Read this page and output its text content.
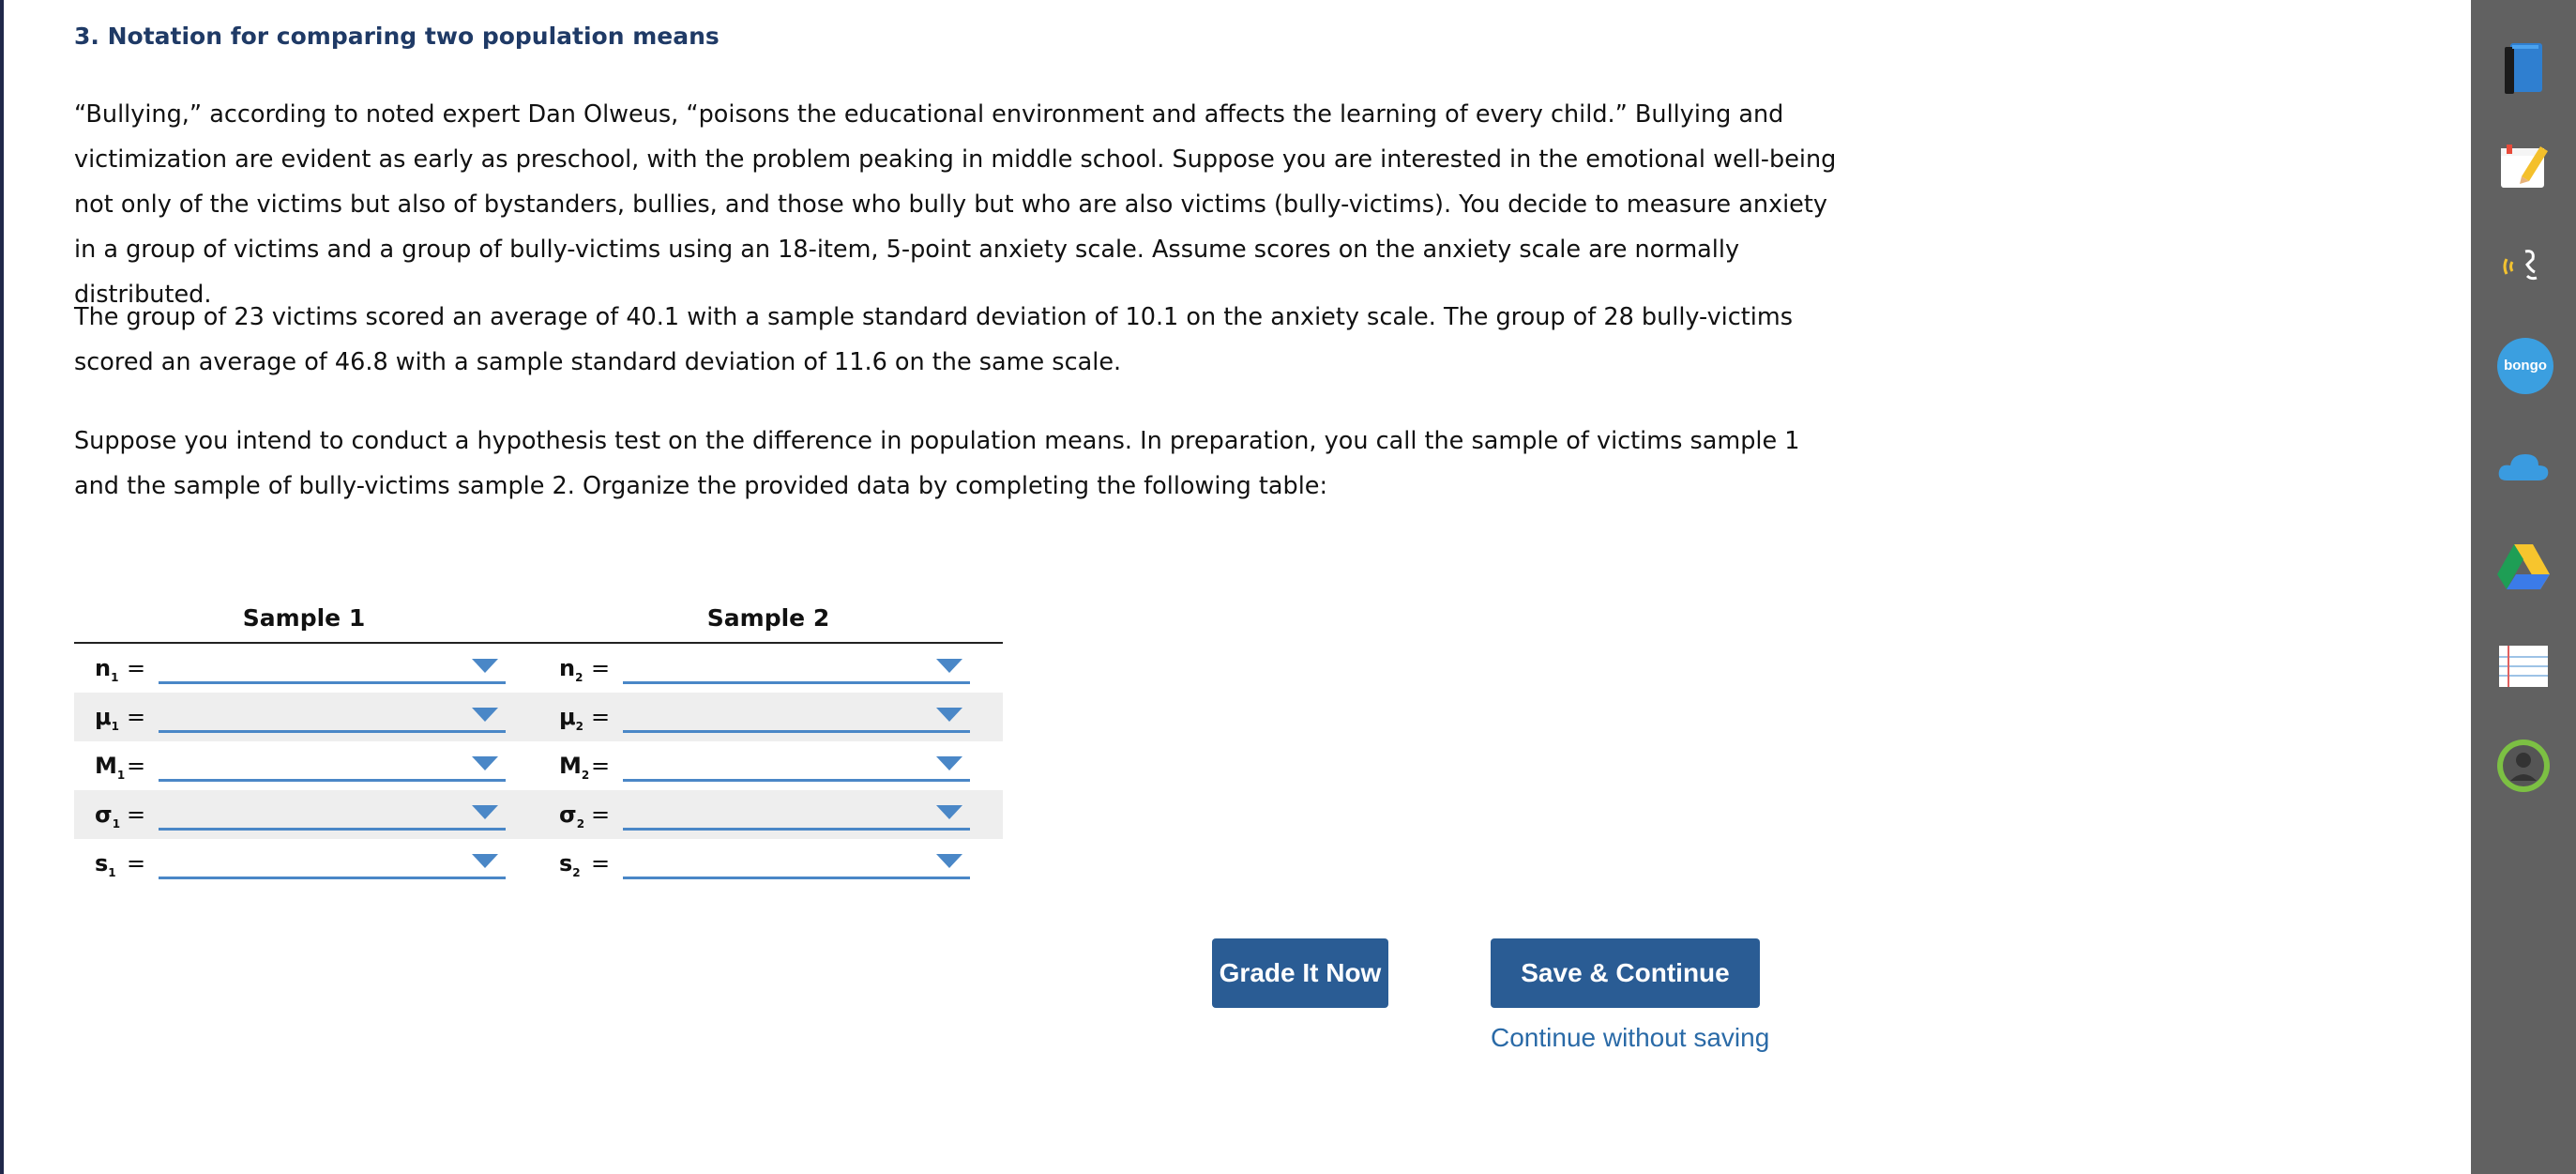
3. Notation for comparing two population means

“Bullying,” according to noted expert Dan Olweus, “poisons the educational environment and affects the learning of every child.” Bullying and victimization are evident as early as preschool, with the problem peaking in middle school. Suppose you are interested in the emotional well-being not only of the victims but also of bystanders, bullies, and those who bully but who are also victims (bully-victims). You decide to measure anxiety in a group of victims and a group of bully-victims using an 18-item, 5-point anxiety scale. Assume scores on the anxiety scale are normally distributed.

The group of 23 victims scored an average of 40.1 with a sample standard deviation of 10.1 on the anxiety scale. The group of 28 bully-victims scored an average of 46.8 with a sample standard deviation of 11.6 on the same scale.

Suppose you intend to conduct a hypothesis test on the difference in population means. In preparation, you call the sample of victims sample 1 and the sample of bully-victims sample 2. Organize the provided data by completing the following table:

Sample 1	Sample 2
$n_1$ =	$n_2$ =
$\mu_1$ =	$\mu_2$ =
$M_1$ =	$M_2$ =
$\sigma_1$ =	$\sigma_2$ =
$s_1$ =	$s_2$ =
Grade It Now	Save & Continue
Continue without saving
bongo
